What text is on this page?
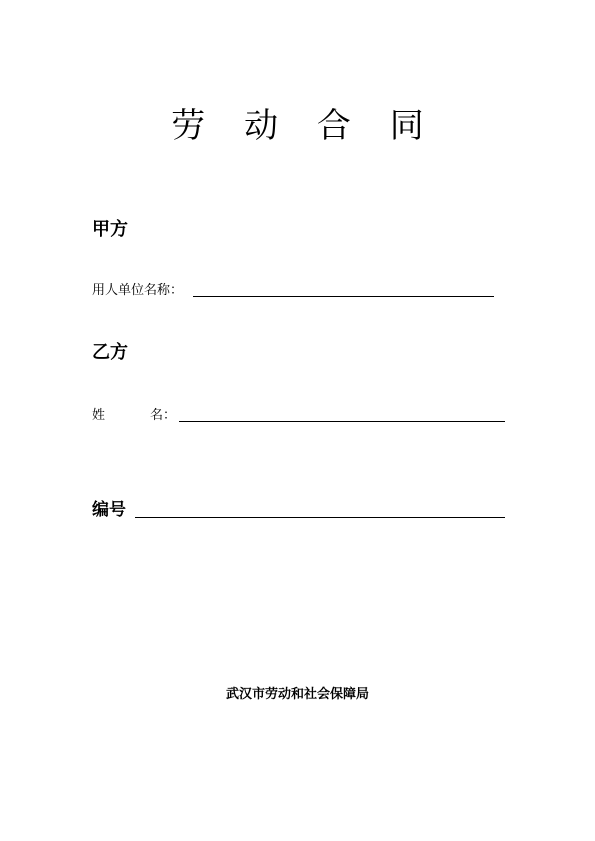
劳 动 合 同
甲方
用人单位名称：
乙方
姓	名：
编号
武汉市劳动和社会保障局
